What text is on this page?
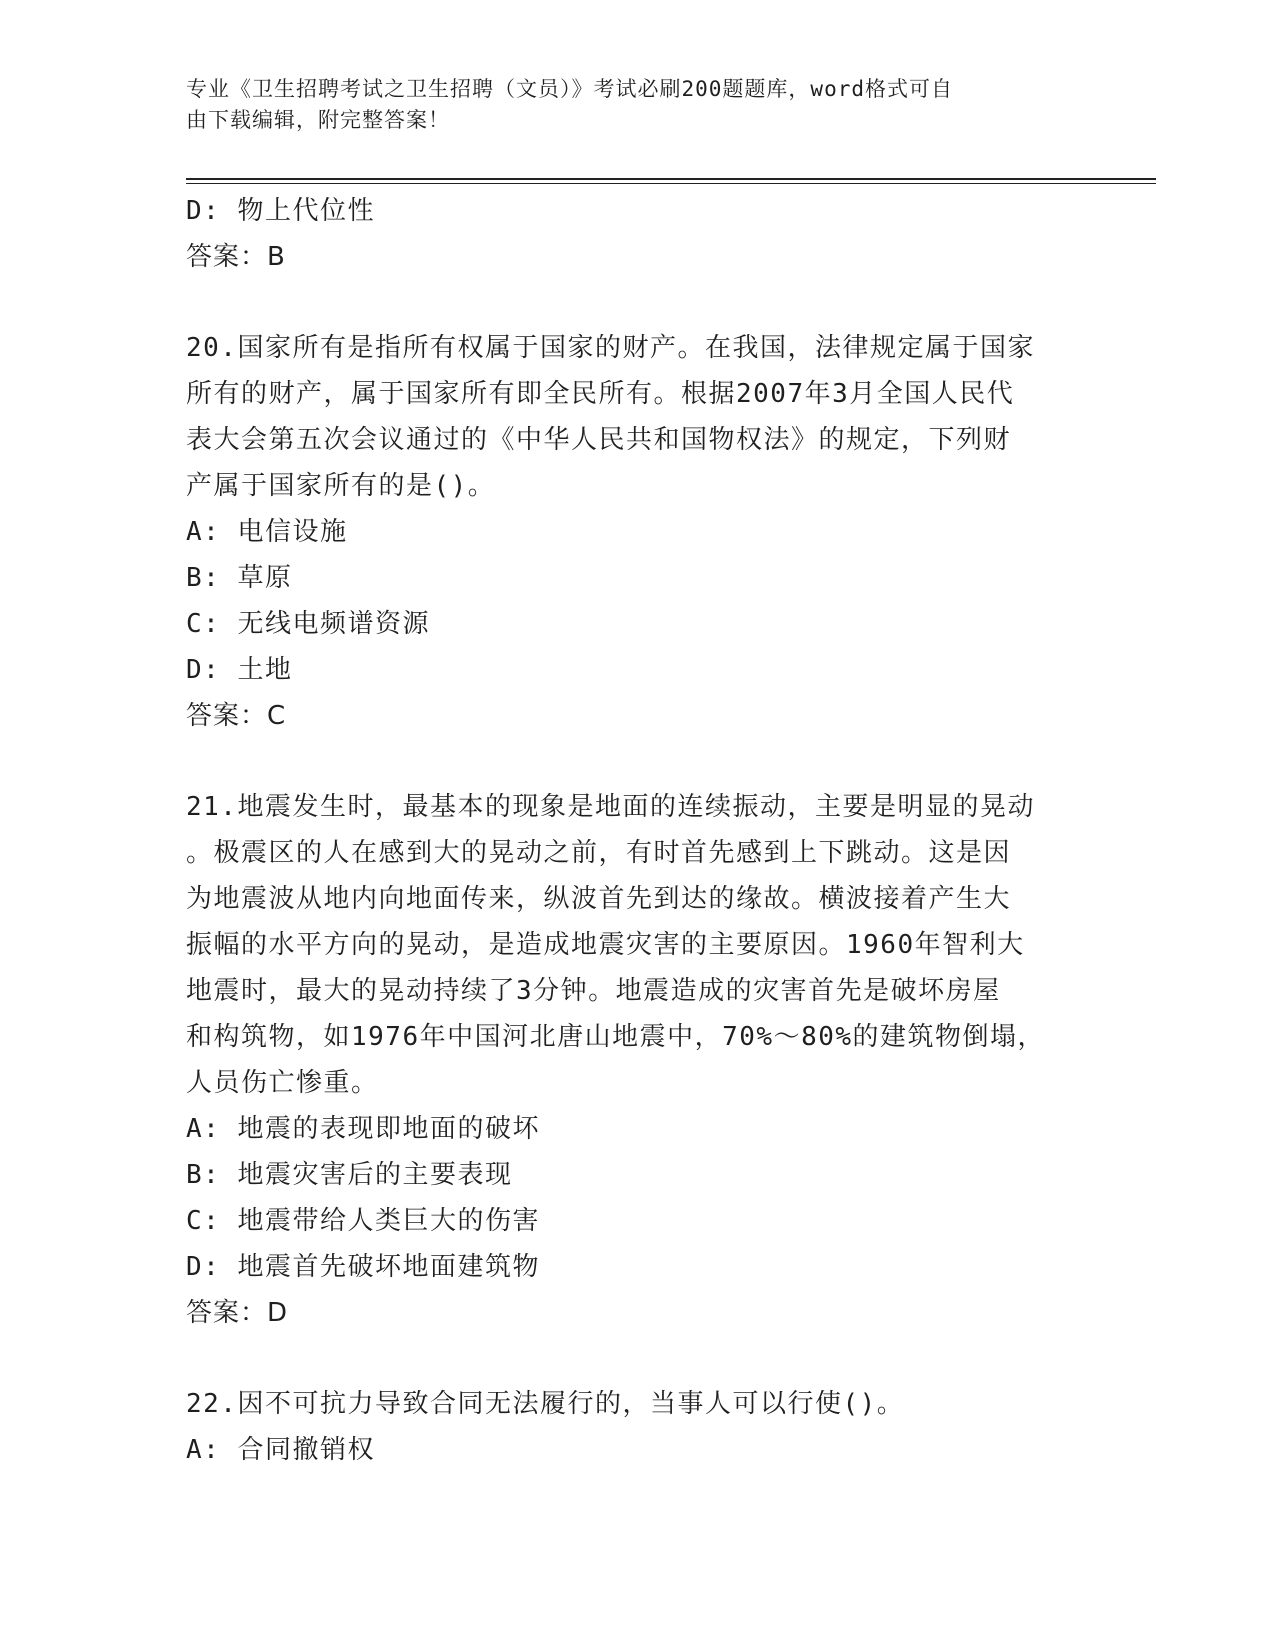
专业《卫生招聘考试之卫生招聘（文员）》考试必刷200题题库，word格式可自
由下载编辑，附完整答案！
D: 物上代位性
答案：B
20.国家所有是指所有权属于国家的财产。在我国，法律规定属于国家
所有的财产，属于国家所有即全民所有。根据2007年3月全国人民代
表大会第五次会议通过的《中华人民共和国物权法》的规定，下列财
产属于国家所有的是()。
A: 电信设施
B: 草原
C: 无线电频谱资源
D: 土地
答案：C
21.地震发生时，最基本的现象是地面的连续振动，主要是明显的晃动
。极震区的人在感到大的晃动之前，有时首先感到上下跳动。这是因
为地震波从地内向地面传来，纵波首先到达的缘故。横波接着产生大
振幅的水平方向的晃动，是造成地震灾害的主要原因。1960年智利大
地震时，最大的晃动持续了3分钟。地震造成的灾害首先是破坏房屋
和构筑物，如1976年中国河北唐山地震中，70%～80%的建筑物倒塌，
人员伤亡惨重。
A: 地震的表现即地面的破坏
B: 地震灾害后的主要表现
C: 地震带给人类巨大的伤害
D: 地震首先破坏地面建筑物
答案：D
22.因不可抗力导致合同无法履行的，当事人可以行使()。
A: 合同撤销权
